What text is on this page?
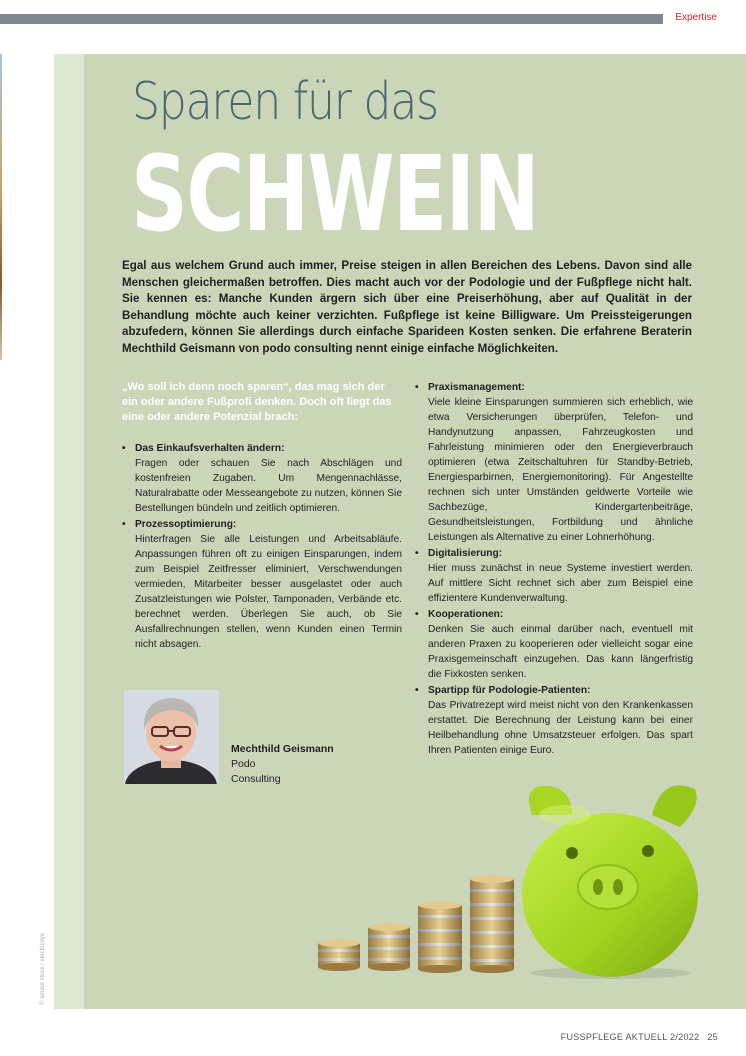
Expertise
© adobe stock / electriceye
Sparen für das
SCHWEIN
Egal aus welchem Grund auch immer, Preise steigen in allen Bereichen des Lebens. Davon sind alle Menschen gleichermaßen betroffen. Dies macht auch vor der Podologie und der Fußpflege nicht halt. Sie kennen es: Manche Kunden ärgern sich über eine Preiserhöhung, aber auf Qualität in der Behandlung möchte auch keiner verzichten. Fußpflege ist keine Billigware. Um Preissteigerungen abzufedern, können Sie allerdings durch einfache Sparideen Kosten senken. Die erfahrene Beraterin Mechthild Geismann von podo consulting nennt einige einfache Möglichkeiten.
„Wo soll ich denn noch sparen“, das mag sich der ein oder andere Fußprofi denken. Doch oft liegt das eine oder andere Potenzial brach:
• Das Einkaufsverhalten ändern:
Fragen oder schauen Sie nach Abschlägen und kostenfreien Zugaben. Um Mengennachlässe, Naturalrabatte oder Messeangebote zu nutzen, können Sie Bestellungen bündeln und zeitlich optimieren.
• Prozessoptimierung:
Hinterfragen Sie alle Leistungen und Arbeitsabläufe. Anpassungen führen oft zu einigen Einsparungen, indem zum Beispiel Zeitfresser eliminiert, Verschwendungen vermieden, Mitarbeiter besser ausgelastet oder auch Zusatzleistungen wie Polster, Tamponaden, Verbände etc. berechnet werden. Überlegen Sie auch, ob Sie Ausfallrechnungen stellen, wenn Kunden einen Termin nicht absagen.
• Praxismanagement:
Viele kleine Einsparungen summieren sich erheblich, wie etwa Versicherungen überprüfen, Telefon- und Handynutzung anpassen, Fahrzeugkosten und Fahrleistung minimieren oder den Energieverbrauch optimieren (etwa Zeitschaltuhren für Standby-Betrieb, Energiesparbirnen, Energiemonitoring). Für Angestellte rechnen sich unter Umständen geldwerte Vorteile wie Sachbezüge, Kindergartenbeiträge, Gesundheitsleistungen, Fortbildung und ähnliche Leistungen als Alternative zu einer Lohnerhöhung.
• Digitalisierung:
Hier muss zunächst in neue Systeme investiert werden. Auf mittlere Sicht rechnet sich aber zum Beispiel eine effizientere Kundenverwaltung.
• Kooperationen:
Denken Sie auch einmal darüber nach, eventuell mit anderen Praxen zu kooperieren oder vielleicht sogar eine Praxisgemeinschaft einzugehen. Das kann längerfristig die Fixkosten senken.
• Spartipp für Podologie-Patienten:
Das Privatrezept wird meist nicht von den Krankenkassen erstattet. Die Berechnung der Leistung kann bei einer Heilbehandlung ohne Umsatzsteuer erfolgen. Das spart Ihren Patienten einige Euro.
Mechthild Geismann
Podo
Consulting
FUSSPFLEGE AKTUELL 2/2022 25
